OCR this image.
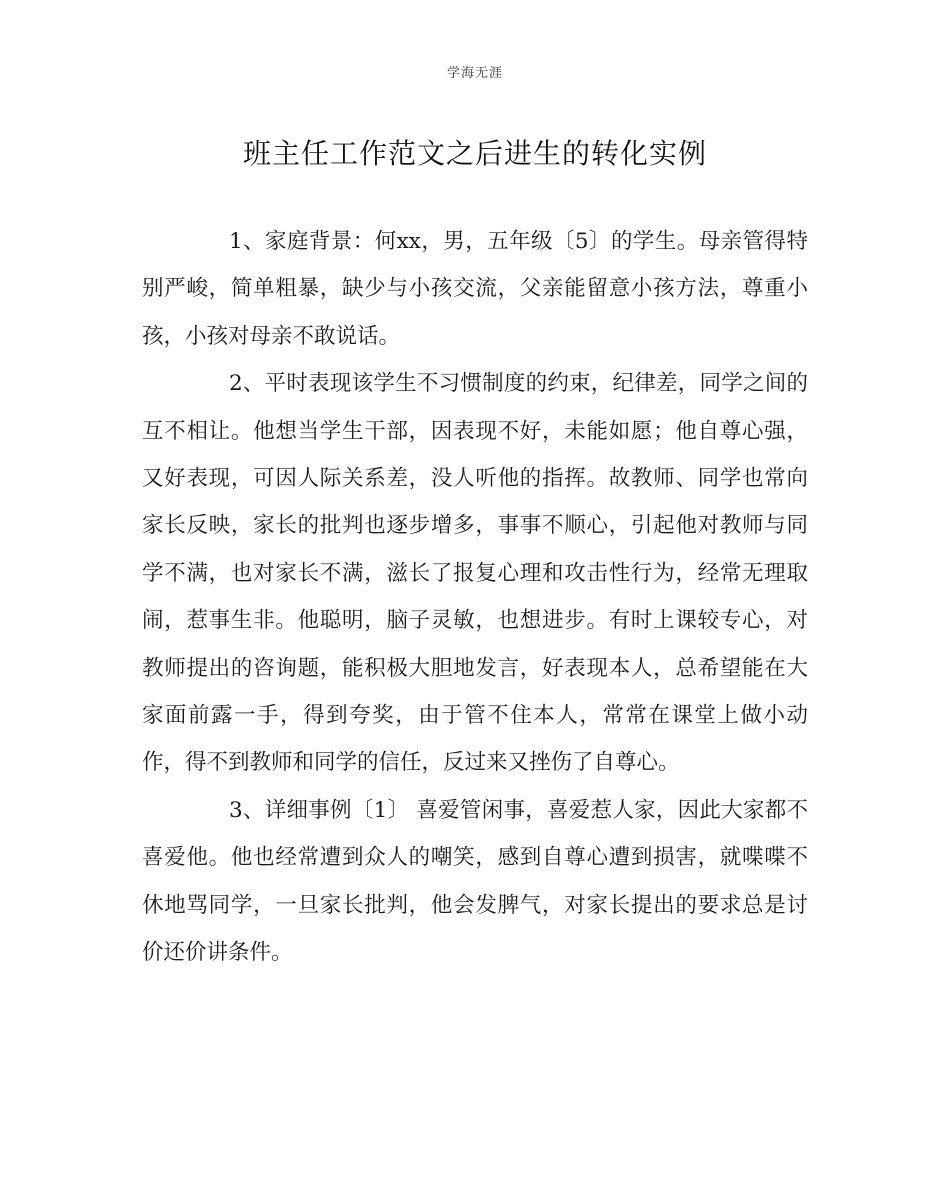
学海无涯
班主任工作范文之后进生的转化实例

1、家庭背景：何xx，男，五年级〔5〕的学生。母亲管得特别严峻，简单粗暴，缺少与小孩交流，父亲能留意小孩方法，尊重小孩，小孩对母亲不敢说话。

2、平时表现该学生不习惯制度的约束，纪律差，同学之间的互不相让。他想当学生干部，因表现不好，未能如愿；他自尊心强，又好表现，可因人际关系差，没人听他的指挥。故教师、同学也常向家长反映，家长的批判也逐步增多，事事不顺心，引起他对教师与同学不满，也对家长不满，滋长了报复心理和攻击性行为，经常无理取闹，惹事生非。他聪明，脑子灵敏，也想进步。有时上课较专心，对教师提出的咨询题，能积极大胆地发言，好表现本人，总希望能在大家面前露一手，得到夸奖，由于管不住本人，常常在课堂上做小动作，得不到教师和同学的信任，反过来又挫伤了自尊心。

3、详细事例〔1〕 喜爱管闲事，喜爱惹人家，因此大家都不喜爱他。他也经常遭到众人的嘲笑，感到自尊心遭到损害，就喋喋不休地骂同学，一旦家长批判，他会发脾气，对家长提出的要求总是讨价还价讲条件。
